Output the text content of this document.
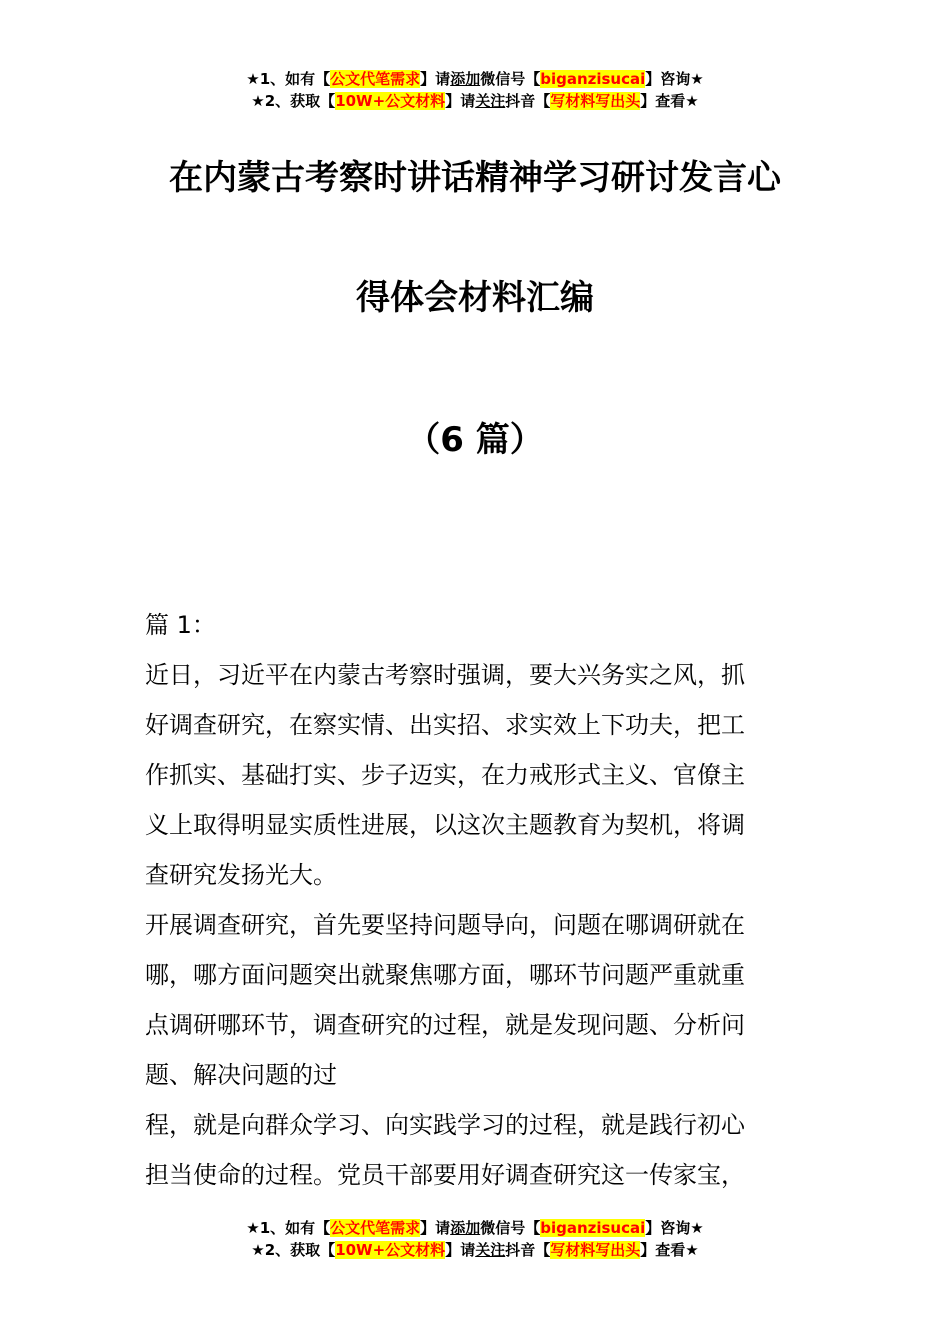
★1、如有【公文代笔需求】请添加微信号【biganzisucai】咨询★
★2、获取【10W+公文材料】请关注抖音【写材料写出头】查看★
在内蒙古考察时讲话精神学习研讨发言心
得体会材料汇编
（6 篇）

篇 1：

近日，习近平在内蒙古考察时强调，要大兴务实之风，抓

好调查研究，在察实情、出实招、求实效上下功夫，把工

作抓实、基础打实、步子迈实，在力戒形式主义、官僚主

义上取得明显实质性进展，以这次主题教育为契机，将调

查研究发扬光大。

开展调查研究，首先要坚持问题导向，问题在哪调研就在

哪，哪方面问题突出就聚焦哪方面，哪环节问题严重就重

点调研哪环节，调查研究的过程，就是发现问题、分析问

题、解决问题的过

程，就是向群众学习、向实践学习的过程，就是践行初心

担当使命的过程。党员干部要用好调查研究这一传家宝，

★1、如有【公文代笔需求】请添加微信号【biganzisucai】咨询★
★2、获取【10W+公文材料】请关注抖音【写材料写出头】查看★
